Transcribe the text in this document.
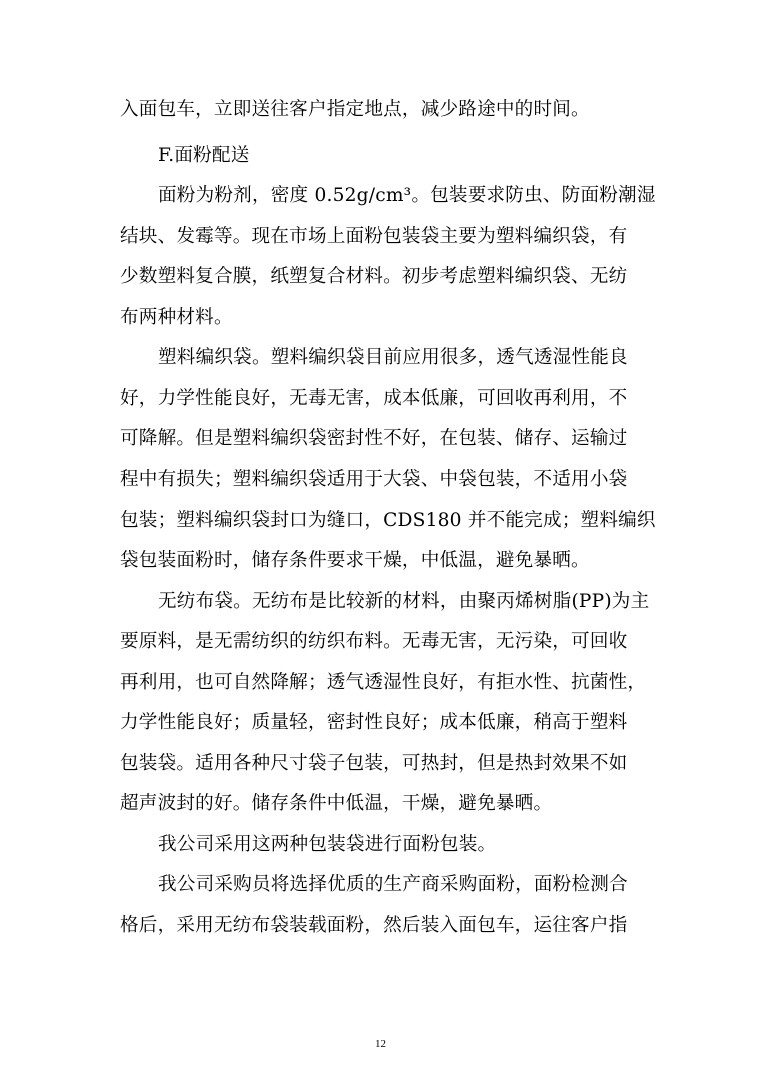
入面包车，立即送往客户指定地点，减少路途中的时间。
F.面粉配送
面粉为粉剂，密度 0.52g/cm³。包装要求防虫、防面粉潮湿
结块、发霉等。现在市场上面粉包装袋主要为塑料编织袋，有
少数塑料复合膜，纸塑复合材料。初步考虑塑料编织袋、无纺
布两种材料。
塑料编织袋。塑料编织袋目前应用很多，透气透湿性能良
好，力学性能良好，无毒无害，成本低廉，可回收再利用，不
可降解。但是塑料编织袋密封性不好，在包装、储存、运输过
程中有损失；塑料编织袋适用于大袋、中袋包装，不适用小袋
包装；塑料编织袋封口为缝口，CDS180 并不能完成；塑料编织
袋包装面粉时，储存条件要求干燥，中低温，避免暴晒。
无纺布袋。无纺布是比较新的材料，由聚丙烯树脂(PP)为主
要原料，是无需纺织的纺织布料。无毒无害，无污染，可回收
再利用，也可自然降解；透气透湿性良好，有拒水性、抗菌性，
力学性能良好；质量轻，密封性良好；成本低廉，稍高于塑料
包装袋。适用各种尺寸袋子包装，可热封，但是热封效果不如
超声波封的好。储存条件中低温，干燥，避免暴晒。
我公司采用这两种包装袋进行面粉包装。
我公司采购员将选择优质的生产商采购面粉，面粉检测合
格后，采用无纺布袋装载面粉，然后装入面包车，运往客户指
12
